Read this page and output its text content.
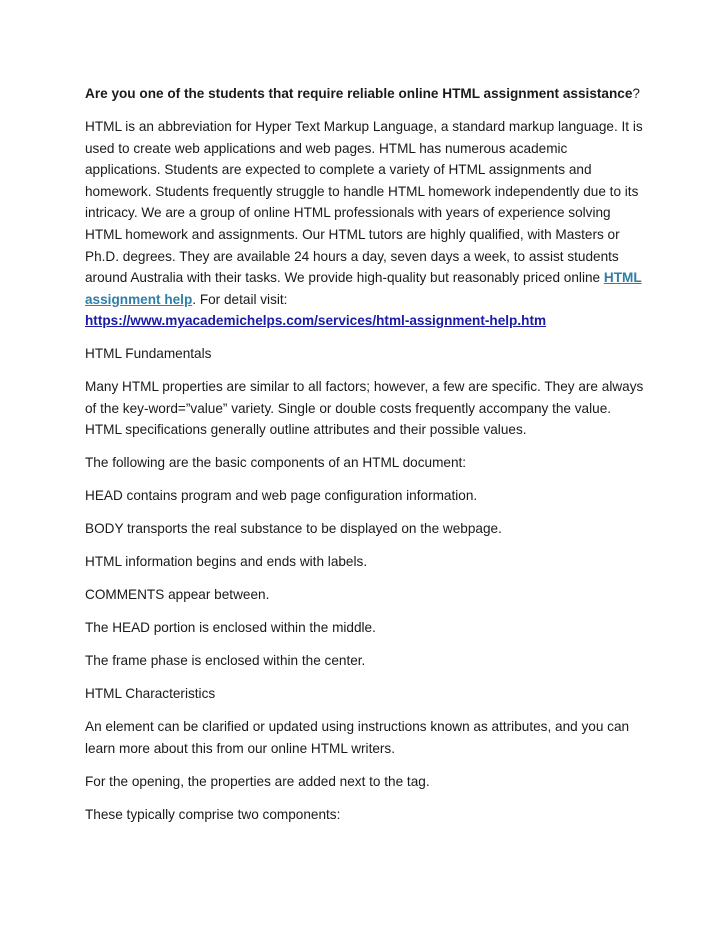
Are you one of the students that require reliable online HTML assignment assistance?

HTML is an abbreviation for Hyper Text Markup Language, a standard markup language. It is used to create web applications and web pages. HTML has numerous academic applications. Students are expected to complete a variety of HTML assignments and homework. Students frequently struggle to handle HTML homework independently due to its intricacy. We are a group of online HTML professionals with years of experience solving HTML homework and assignments. Our HTML tutors are highly qualified, with Masters or Ph.D. degrees. They are available 24 hours a day, seven days a week, to assist students around Australia with their tasks. We provide high-quality but reasonably priced online HTML assignment help. For detail visit:
https://www.myacademichelps.com/services/html-assignment-help.htm

HTML Fundamentals

Many HTML properties are similar to all factors; however, a few are specific. They are always of the key-word=”value” variety. Single or double costs frequently accompany the value. HTML specifications generally outline attributes and their possible values.

The following are the basic components of an HTML document:

HEAD contains program and web page configuration information.

BODY transports the real substance to be displayed on the webpage.

HTML information begins and ends with labels.

COMMENTS appear between.

The HEAD portion is enclosed within the middle.

The frame phase is enclosed within the center.

HTML Characteristics

An element can be clarified or updated using instructions known as attributes, and you can learn more about this from our online HTML writers.

For the opening, the properties are added next to the tag.

These typically comprise two components:
